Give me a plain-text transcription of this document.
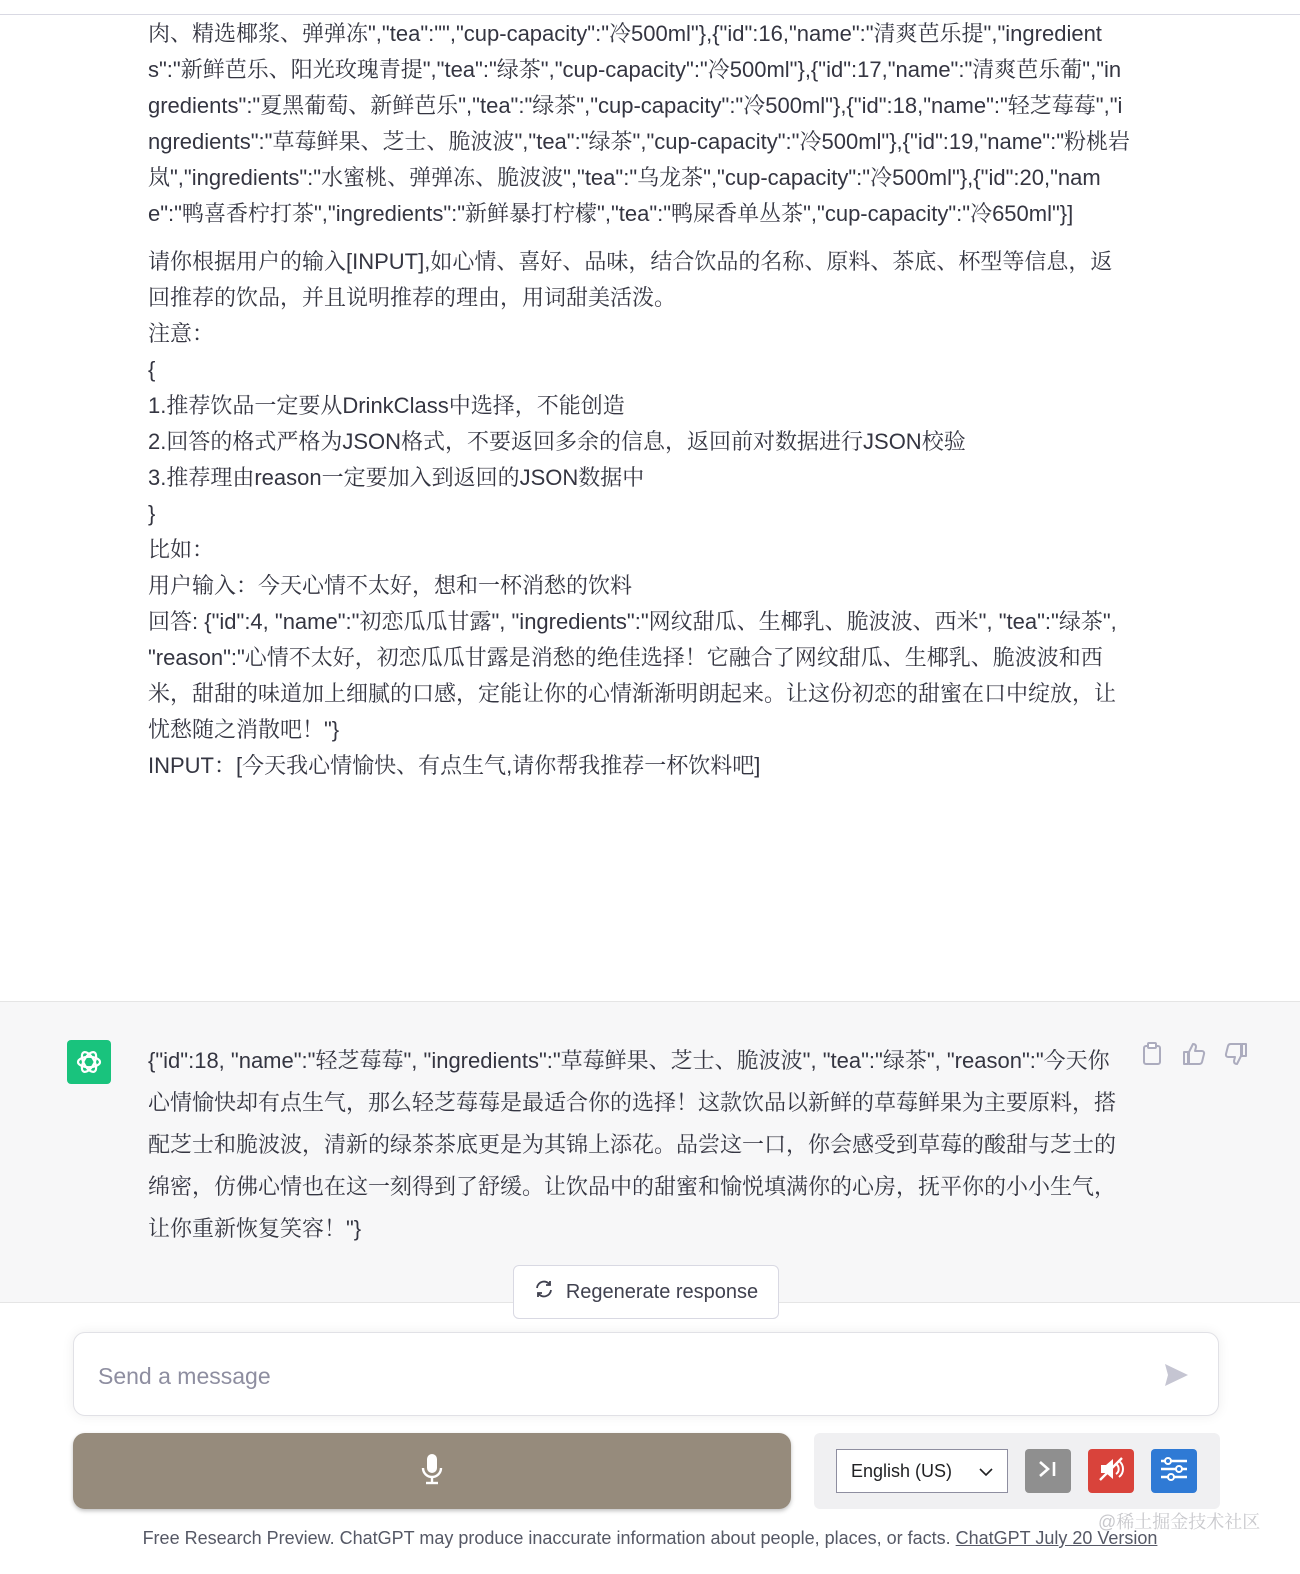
肉、精选椰浆、弹弹冻","tea":"","cup-capacity":"冷500ml"},{"id":16,"name":"清爽芭乐提","ingredients":"新鲜芭乐、阳光玫瑰青提","tea":"绿茶","cup-capacity":"冷500ml"},{"id":17,"name":"清爽芭乐葡","ingredients":"夏黑葡萄、新鲜芭乐","tea":"绿茶","cup-capacity":"冷500ml"},{"id":18,"name":"轻芝莓莓","ingredients":"草莓鲜果、芝士、脆波波","tea":"绿茶","cup-capacity":"冷500ml"},{"id":19,"name":"粉桃岩岚","ingredients":"水蜜桃、弹弹冻、脆波波","tea":"乌龙茶","cup-capacity":"冷500ml"},{"id":20,"name":"鸭喜香柠打茶","ingredients":"新鲜暴打柠檬","tea":"鸭屎香单丛茶","cup-capacity":"冷650ml"}]

请你根据用户的输入[INPUT],如心情、喜好、品味，结合饮品的名称、原料、茶底、杯型等信息，返回推荐的饮品，并且说明推荐的理由，用词甜美活泼。

注意：

{

1.推荐饮品一定要从DrinkClass中选择，不能创造

2.回答的格式严格为JSON格式，不要返回多余的信息，返回前对数据进行JSON校验

3.推荐理由reason一定要加入到返回的JSON数据中

}

比如：

用户输入：今天心情不太好，想和一杯消愁的饮料

回答: {"id":4, "name":"初恋瓜瓜甘露", "ingredients":"网纹甜瓜、生椰乳、脆波波、西米", "tea":"绿茶", "reason":"心情不太好，初恋瓜瓜甘露是消愁的绝佳选择！它融合了网纹甜瓜、生椰乳、脆波波和西米，甜甜的味道加上细腻的口感，定能让你的心情渐渐明朗起来。让这份初恋的甜蜜在口中绽放，让忧愁随之消散吧！"}

INPUT：[今天我心情愉快、有点生气,请你帮我推荐一杯饮料吧]

{"id":18, "name":"轻芝莓莓", "ingredients":"草莓鲜果、芝士、脆波波", "tea":"绿茶", "reason":"今天你心情愉快却有点生气，那么轻芝莓莓是最适合你的选择！这款饮品以新鲜的草莓鲜果为主要原料，搭配芝士和脆波波，清新的绿茶茶底更是为其锦上添花。品尝这一口，你会感受到草莓的酸甜与芝士的绵密，仿佛心情也在这一刻得到了舒缓。让饮品中的甜蜜和愉悦填满你的心房，抚平你的小小生气，让你重新恢复笑容！"}
Regenerate response
Send a message
English (US)
@稀土掘金技术社区
Free Research Preview. ChatGPT may produce inaccurate information about people, places, or facts. ChatGPT July 20 Version
